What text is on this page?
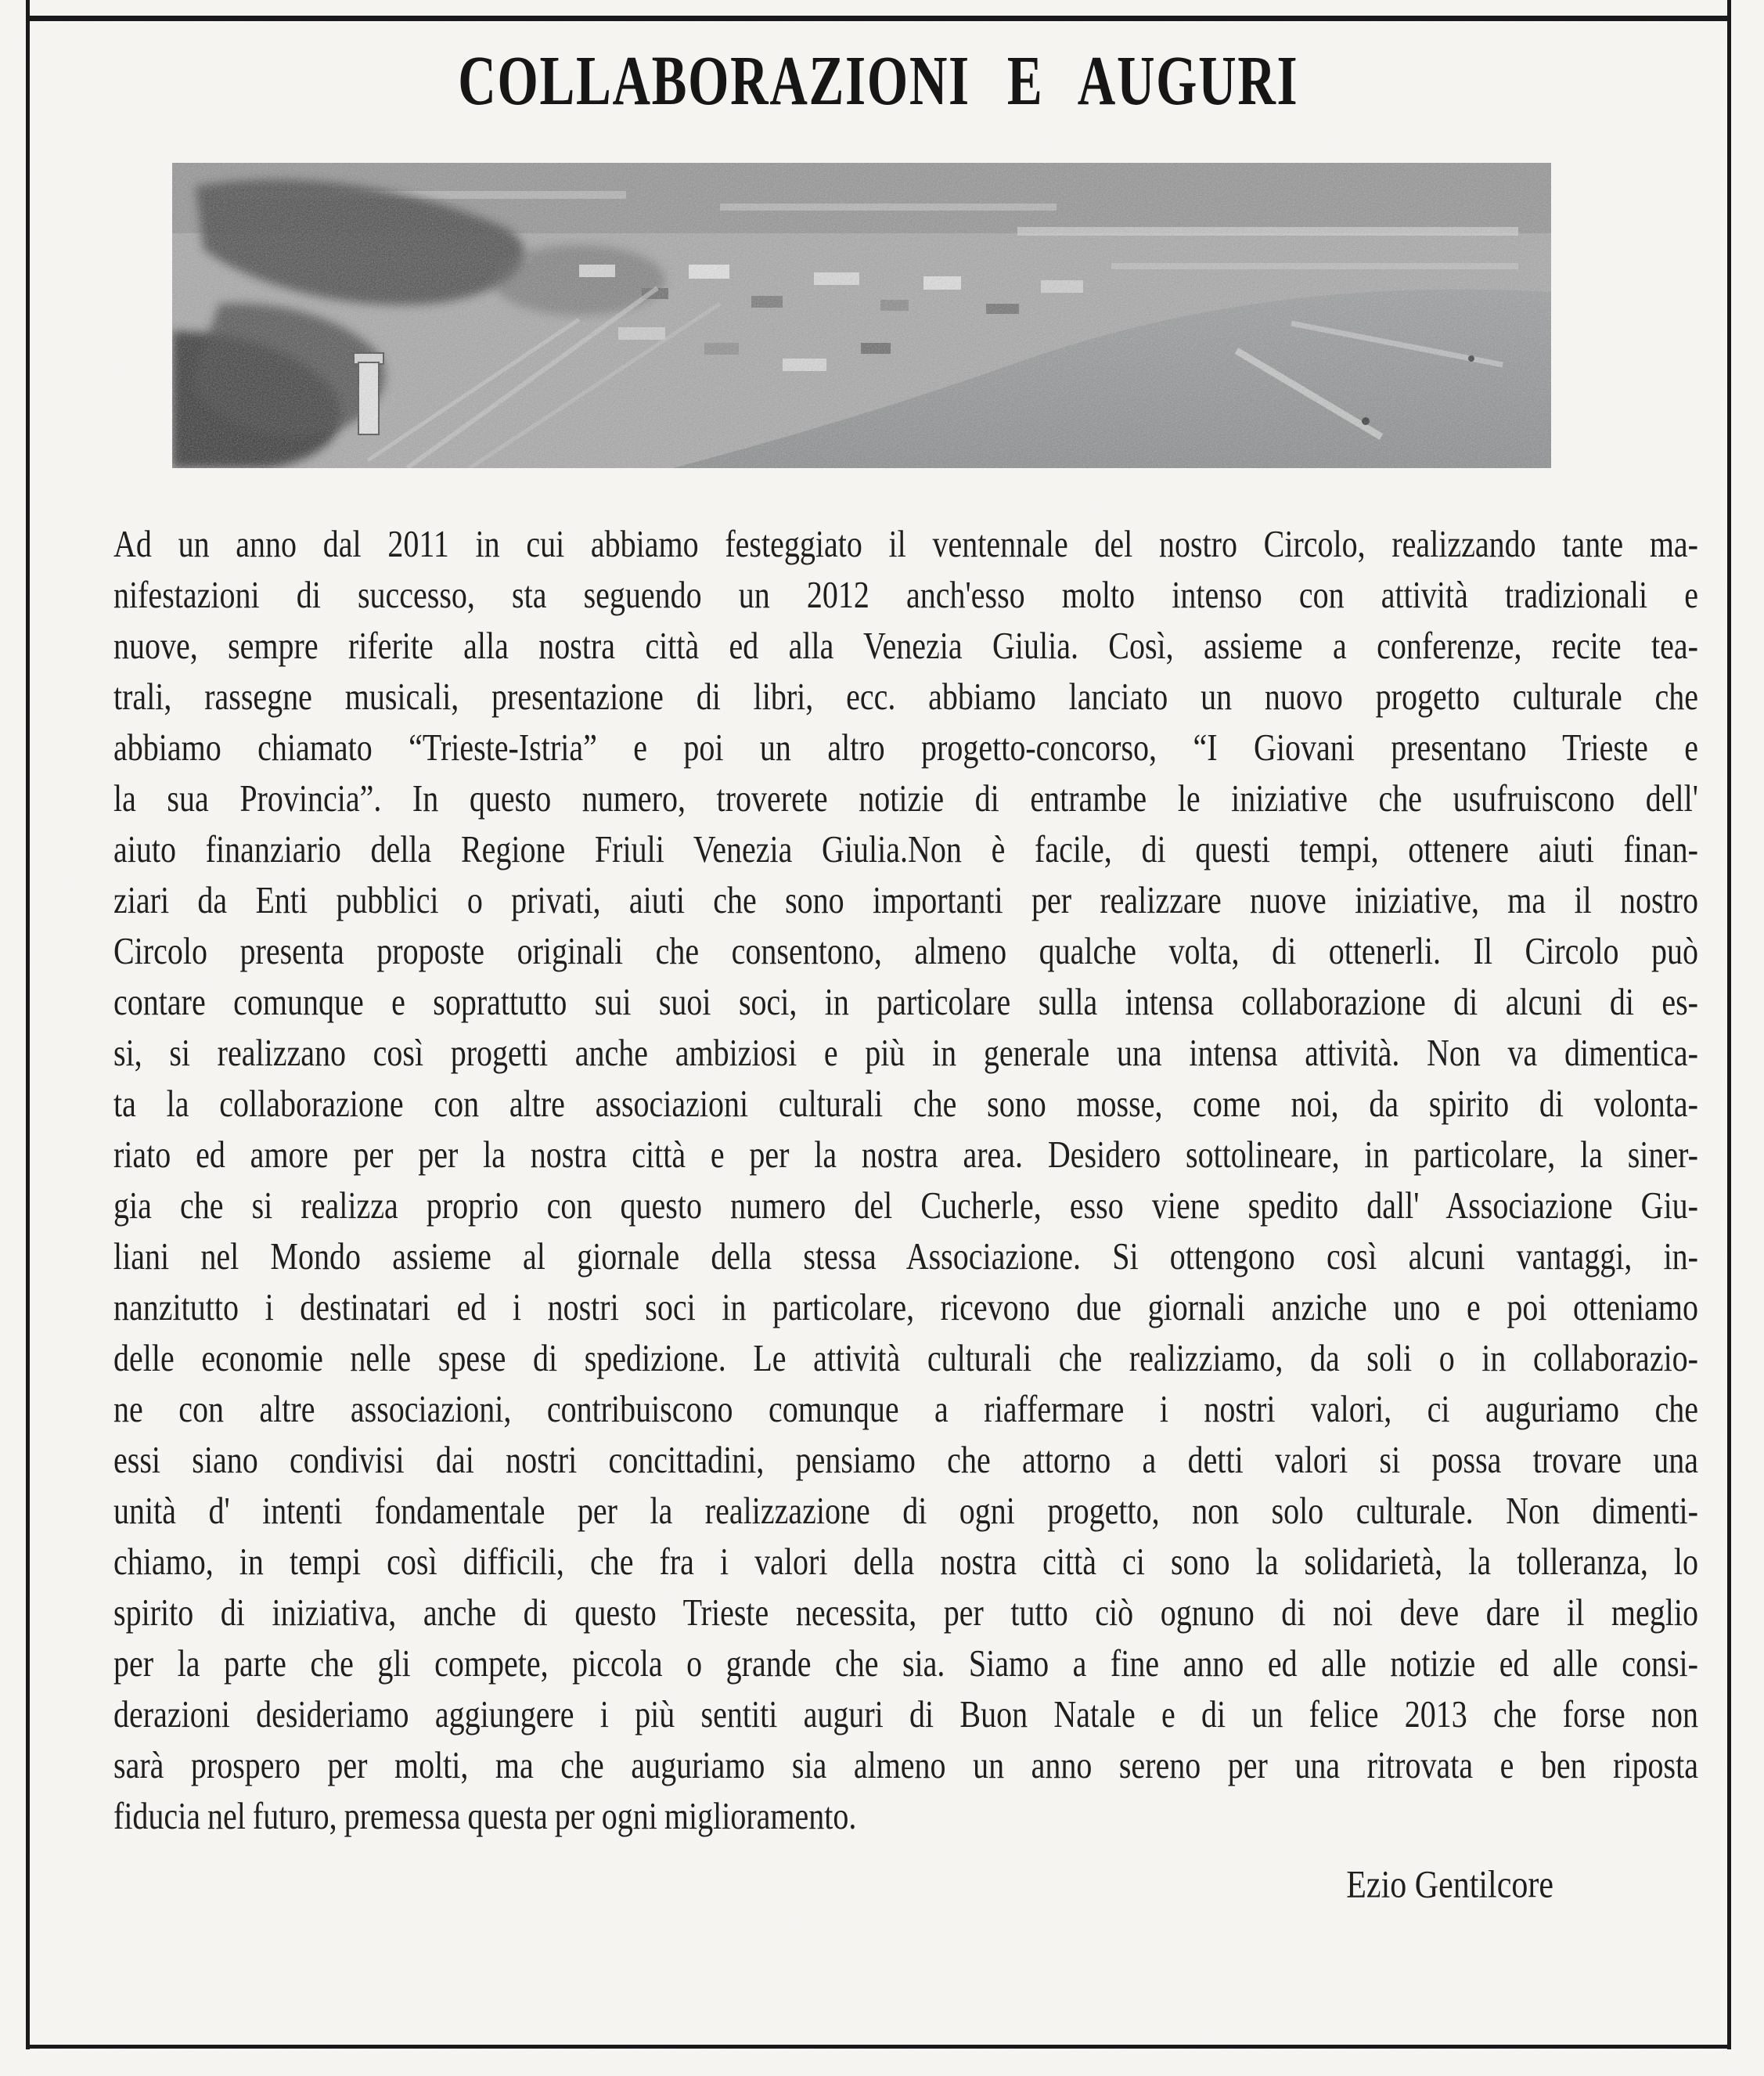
COLLABORAZIONI E AUGURI
Ad un anno dal 2011 in cui abbiamo festeggiato il ventennale del nostro Circolo, realizzando tante ma-
nifestazioni di successo, sta seguendo un 2012 anch'esso molto intenso con attività tradizionali e
nuove, sempre riferite alla nostra città ed alla Venezia Giulia. Così, assieme a conferenze, recite tea-
trali, rassegne musicali, presentazione di libri, ecc. abbiamo lanciato un nuovo progetto culturale che
abbiamo chiamato “Trieste-Istria” e poi un altro progetto-concorso, “I Giovani presentano Trieste e
la sua Provincia”. In questo numero, troverete notizie di entrambe le iniziative che usufruiscono dell'
aiuto finanziario della Regione Friuli Venezia Giulia.Non è facile, di questi tempi, ottenere aiuti finan-
ziari da Enti pubblici o privati, aiuti che sono importanti per realizzare nuove iniziative, ma il nostro
Circolo presenta proposte originali che consentono, almeno qualche volta, di ottenerli. Il Circolo può
contare comunque e soprattutto sui suoi soci, in particolare sulla intensa collaborazione di alcuni di es-
si, si realizzano così progetti anche ambiziosi e più in generale una intensa attività. Non va dimentica-
ta la collaborazione con altre associazioni culturali che sono mosse, come noi, da spirito di volonta-
riato ed amore per per la nostra città e per la nostra area. Desidero sottolineare, in particolare, la siner-
gia che si realizza proprio con questo numero del Cucherle, esso viene spedito dall' Associazione Giu-
liani nel Mondo assieme al giornale della stessa Associazione. Si ottengono così alcuni vantaggi, in-
nanzitutto i destinatari ed i nostri soci in particolare, ricevono due giornali anziche uno e poi otteniamo
delle economie nelle spese di spedizione. Le attività culturali che realizziamo, da soli o in collaborazio-
ne con altre associazioni, contribuiscono comunque a riaffermare i nostri valori, ci auguriamo che
essi siano condivisi dai nostri concittadini, pensiamo che attorno a detti valori si possa trovare una
unità d' intenti fondamentale per la realizzazione di ogni progetto, non solo culturale. Non dimenti-
chiamo, in tempi così difficili, che fra i valori della nostra città ci sono la solidarietà, la tolleranza, lo
spirito di iniziativa, anche di questo Trieste necessita, per tutto ciò ognuno di noi deve dare il meglio
per la parte che gli compete, piccola o grande che sia. Siamo a fine anno ed alle notizie ed alle consi-
derazioni desideriamo aggiungere i più sentiti auguri di Buon Natale e di un felice 2013 che forse non
sarà prospero per molti, ma che auguriamo sia almeno un anno sereno per una ritrovata e ben riposta
fiducia nel futuro, premessa questa per ogni miglioramento.
Ezio Gentilcore
